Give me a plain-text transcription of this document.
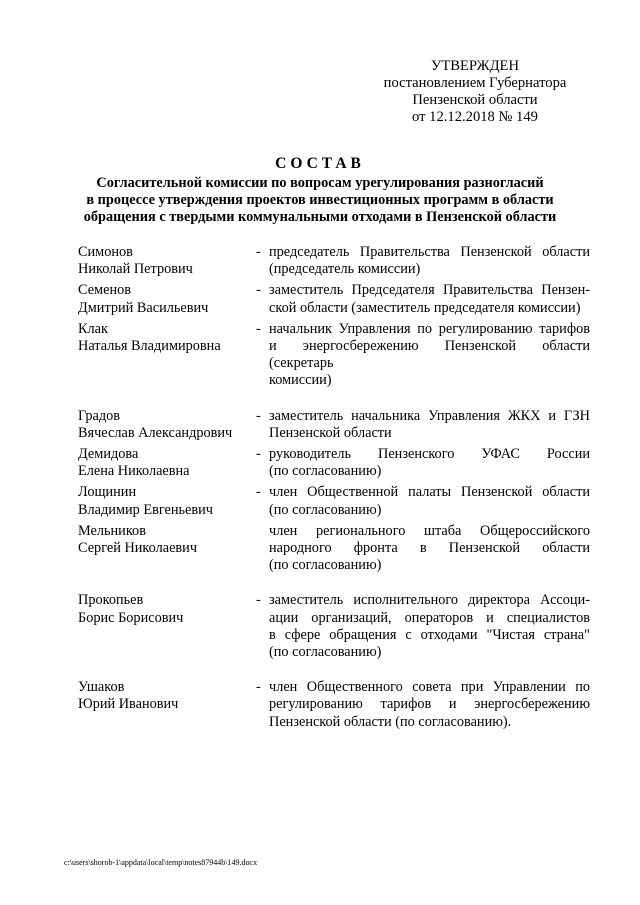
УТВЕРЖДЕН
постановлением Губернатора
Пензенской области
от 12.12.2018 № 149
СОСТАВ
Согласительной комиссии по вопросам урегулирования разногласий
в процессе утверждения проектов инвестиционных программ в области
обращения с твердыми коммунальными отходами в Пензенской области
Симонов
Николай Петрович
- председатель Правительства Пензенской области
(председатель комиссии)
Семенов
Дмитрий Васильевич
- заместитель Председателя Правительства Пензен-
ской области (заместитель председателя комиссии)
Клак
Наталья Владимировна
- начальник Управления по регулированию тарифов
и энергосбережению Пензенской области (секретарь
комиссии)
Градов
Вячеслав Александрович
- заместитель начальника Управления ЖКХ и ГЗН
Пензенской области
Демидова
Елена Николаевна
- руководитель Пензенского УФАС России
(по согласованию)
Лощинин
Владимир Евгеньевич
- член Общественной палаты Пензенской области
(по согласованию)
Мельников
Сергей Николаевич
член регионального штаба Общероссийского
народного фронта в Пензенской области
(по согласованию)
Прокопьев
Борис Борисович
- заместитель исполнительного директора Ассоци-
ации организаций, операторов и специалистов
в сфере обращения с отходами "Чистая страна"
(по согласованию)
Ушаков
Юрий Иванович
- член Общественного совета при Управлении по
регулированию тарифов и энергосбережению
Пензенской области (по согласованию).
c:\users\shorob-1\appdata\local\temp\notes87944b\149.docx
